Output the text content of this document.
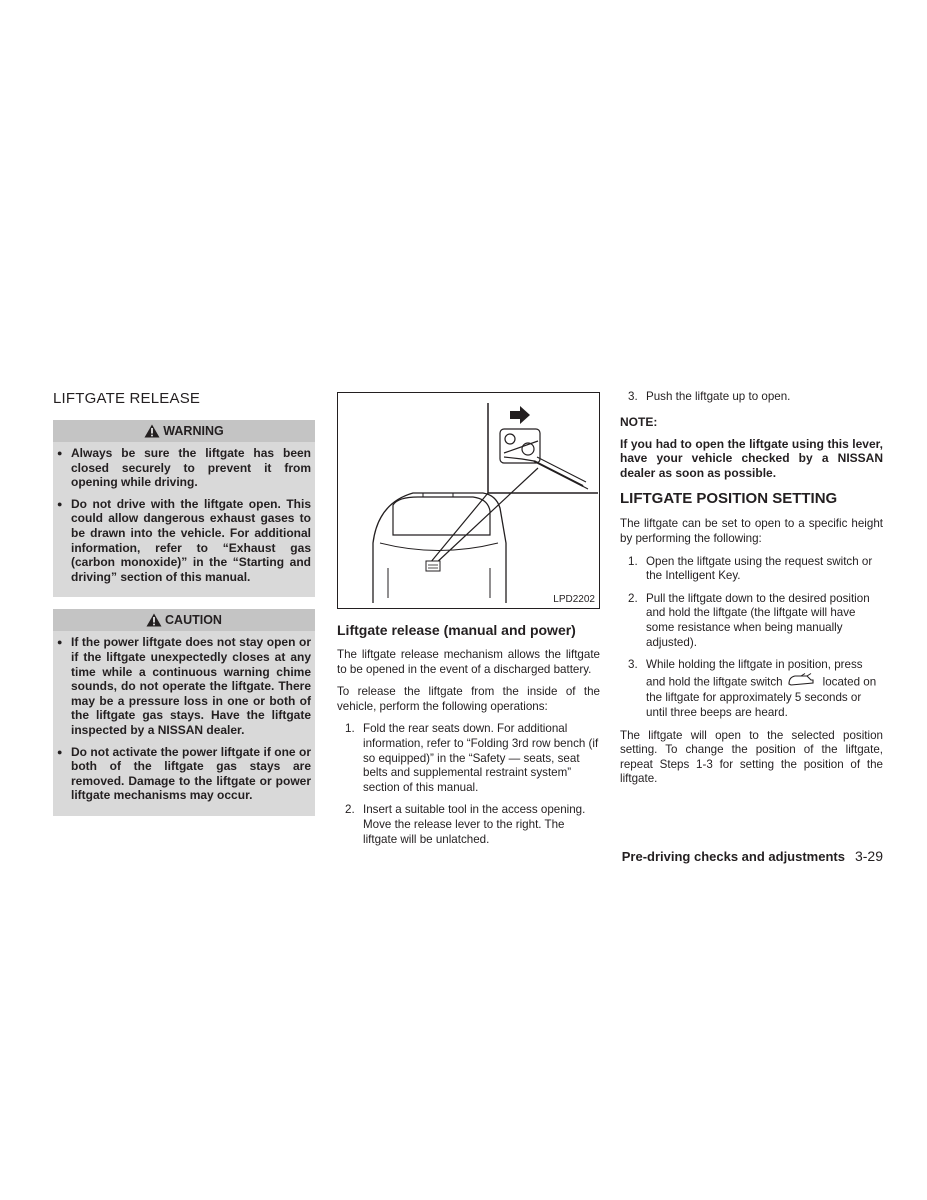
LIFTGATE RELEASE
WARNING
● Always be sure the liftgate has been closed securely to prevent it from opening while driving.
● Do not drive with the liftgate open. This could allow dangerous exhaust gases to be drawn into the vehicle. For additional information, refer to “Exhaust gas (carbon monoxide)” in the “Starting and driving” section of this manual.
CAUTION
● If the power liftgate does not stay open or if the liftgate unexpectedly closes at any time while a continuous warning chime sounds, do not operate the liftgate. There may be a pressure loss in one or both of the liftgate gas stays. Have the liftgate inspected by a NISSAN dealer.
● Do not activate the power liftgate if one or both of the liftgate gas stays are removed. Damage to the liftgate or power liftgate mechanisms may occur.
LPD2202
Liftgate release (manual and power)

The liftgate release mechanism allows the liftgate to be opened in the event of a discharged battery.

To release the liftgate from the inside of the vehicle, perform the following operations:

1. Fold the rear seats down. For additional information, refer to “Folding 3rd row bench (if so equipped)” in the “Safety — seats, seat belts and supplemental restraint system” section of this manual.
2. Insert a suitable tool in the access opening. Move the release lever to the right. The liftgate will be unlatched.
3. Push the liftgate up to open.
NOTE:

If you had to open the liftgate using this lever, have your vehicle checked by a NISSAN dealer as soon as possible.

LIFTGATE POSITION SETTING

The liftgate can be set to open to a specific height by performing the following:

1. Open the liftgate using the request switch or the Intelligent Key.
2. Pull the liftgate down to the desired position and hold the liftgate (the liftgate will have some resistance when being manually adjusted).
3. While holding the liftgate in position, press and hold the liftgate switch	located on the liftgate for approximately 5 seconds or until three beeps are heard.

The liftgate will open to the selected position setting. To change the position of the liftgate, repeat Steps 1-3 for setting the position of the liftgate.

Pre-driving checks and adjustments 3-29
